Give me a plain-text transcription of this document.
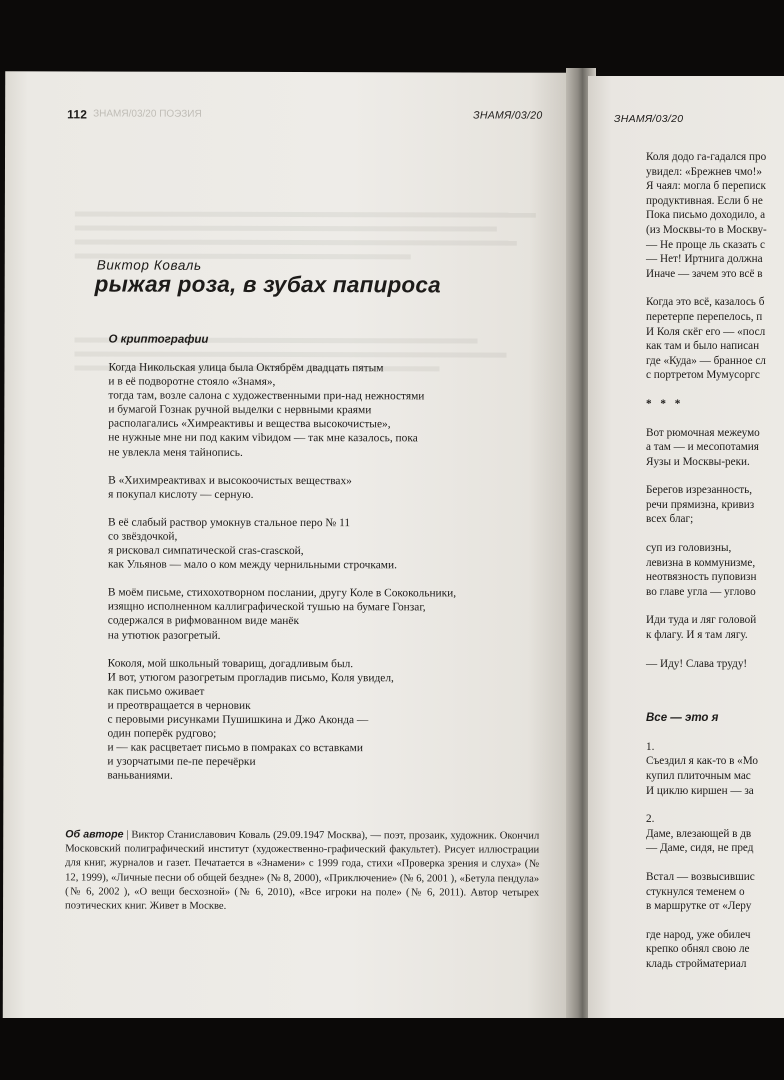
112 ЗНАМЯ/03/20 ПОЭЗИЯ	ЗНАМЯ/03/20
Виктор Коваль
рыжая роза, в зубах папироса
О криптографии
Когда Никольская улица была Октябрём двадцать пятым
и в её подворотне стояло «Знамя»,
тогда там, возле салона с художественными при-над нежностями
и бумагой Гознак ручной выделки с нервными краями
располагались «Химреактивы и вещества высокочистые»,
не нужные мне ни под каким vibидом — так мне казалось, пока
не увлекла меня тайнопись.
В «Хихимреактивах и высокоочистых веществах»
я покупал кислоту — серную.
В её слабый раствор умокнув стальное перо № 11
со звёздочкой,
я рисковал симпатической cras-crasской,
как Ульянов — мало о ком между чернильными строчками.
В моём письме, стихохотворном послании, другу Коле в Сококольники,
изящно исполненном каллиграфической тушью на бумаге Гонзаг,
содержался в рифмованном виде манёк
на утютюк разогретый.
Коколя, мой школьный товарищ, догадливым был.
И вот, утюгом разогретым прогладив письмо, Коля увидел,
как письмо оживает
и преотвращается в черновик
с перовыми рисунками Пушишкина и Джо Аконда —
один поперёк рудгово;
и — как расцветает письмо в помраках со вставками
и узорчатыми пе-пе перечёрки
ваньваниями.
Об авторе | Виктор Станиславович Коваль (29.09.1947 Москва), — поэт, прозаик, художник. Окончил Московский полиграфический институт (художественно-графический факультет). Рисует иллюстрации для книг, журналов и газет. Печатается в «Знамени» с 1999 года, стихи «Проверка зрения и слуха» (№ 12, 1999), «Личные песни об общей бездне» (№ 8, 2000), «Приключение» (№ 6, 2001 ), «Бетула пендула» (№ 6, 2002 ), «О вещи бесхозной» (№ 6, 2010), «Все игроки на поле» (№ 6, 2011). Автор четырех поэтических книг. Живет в Москве.
ЗНАМЯ/03/20
Коля додо га-гадался про
увидел: «Брежнев чмо!»
Я чаял: могла б переписк
продуктивная. Если б не
Пока письмо доходило, а
(из Москвы-то в Москву-
— Не проще ль сказать с
— Нет! Иртнига должна
Иначе — зачем это всё в
Когда это всё, казалось б
перетерпе перепелось, п
И Коля скёг его — «посл
как там и было написан
где «Куда» — бранное сл
с портретом Мумусоргс
* * *
Вот рюмочная межеумо
а там — и месопотамия
Яузы и Москвы-реки.
Берегов изрезанность,
речи прямизна, кривиз
всех благ;
суп из головизны,
левизна в коммунизме,
неотвязность пуповизн
во главе угла — угловo
Иди туда и ляг головой
к флагу. И я там лягу.
— Иду! Слава труду!
Все — это я
1.
Съездил я как-то в «Мо
купил плиточным мас
И циклю киршен — за
2.
Даме, влезающей в дв
— Даме, сидя, не пред
Встал — возвысившис
стукнулся теменем о
в маршрутке от «Леру
где народ, уже обилеч
крепко обнял свою ле
кладь стройматериал
